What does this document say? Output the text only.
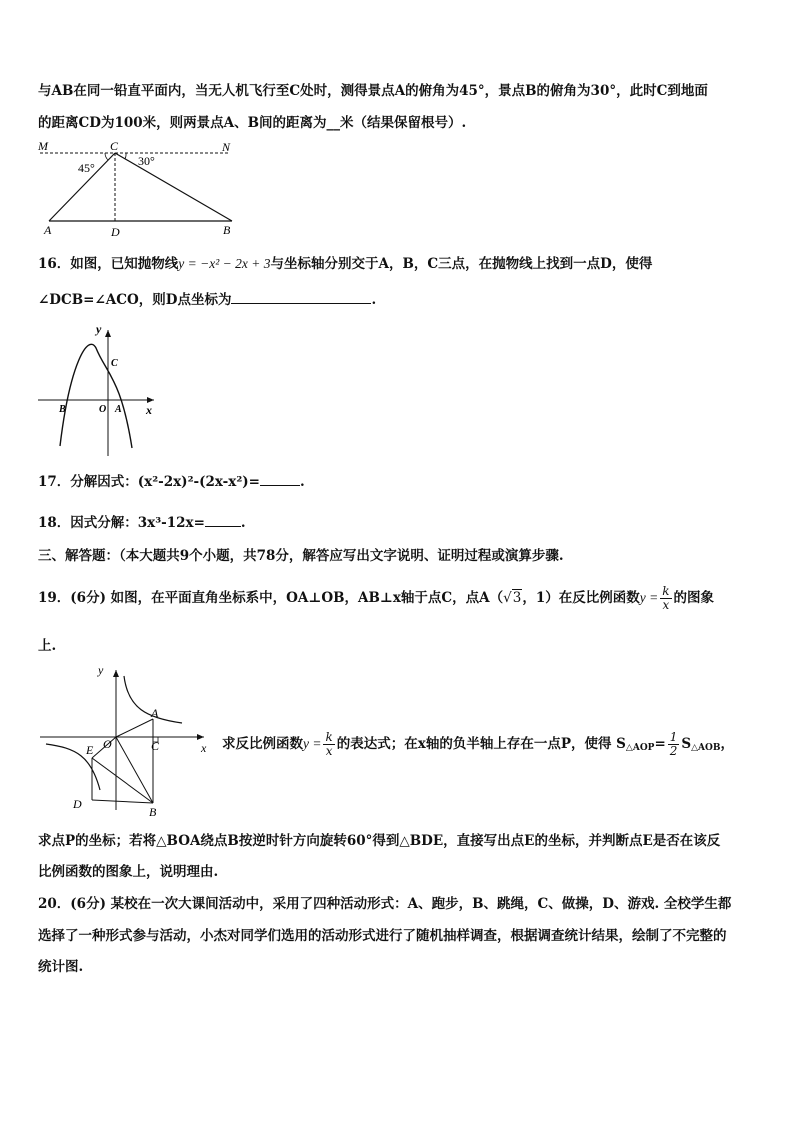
与AB在同一铅直平面内，当无人机飞行至C处时，测得景点A的俯角为45°，景点B的俯角为30°，此时C到地面
的距离CD为100米，则两景点A、B间的距离为__米（结果保留根号）.
M	C	N
45°	30°
A	D	B
16．如图，已知抛物线y = −x² − 2x + 3与坐标轴分别交于A，B，C三点，在抛物线上找到一点D，使得
∠DCB=∠ACO，则D点坐标为	.
y
C
B	O A x
17．分解因式：(x²-2x)²-(2x-x²)=	.
18．因式分解：3x³-12x=	.
三、解答题：（本大题共9个小题，共78分，解答应写出文字说明、证明过程或演算步骤.
19．(6分) 如图，在平面直角坐标系中，OA⊥OB，AB⊥x轴于点C，点A（√3，1）在反比例函数$y = \frac{k}{x}$ 的图象
上.
y
A
E O	C	x
D
B
求反比例函数$y = \frac{k}{x}$ 的表达式；在x轴的负半轴上存在一点P，使得 $S_{\triangle AOP}= \frac{1}{2} S_{\triangle AOB}$，
求点P的坐标；若将△BOA绕点B按逆时针方向旋转60°得到△BDE，直接写出点E的坐标，并判断点E是否在该反
比例函数的图象上，说明理由.
20．(6分) 某校在一次大课间活动中，采用了四种活动形式：A、跑步，B、跳绳，C、做操，D、游戏. 全校学生都
选择了一种形式参与活动，小杰对同学们选用的活动形式进行了随机抽样调查，根据调查统计结果，绘制了不完整的
统计图.
